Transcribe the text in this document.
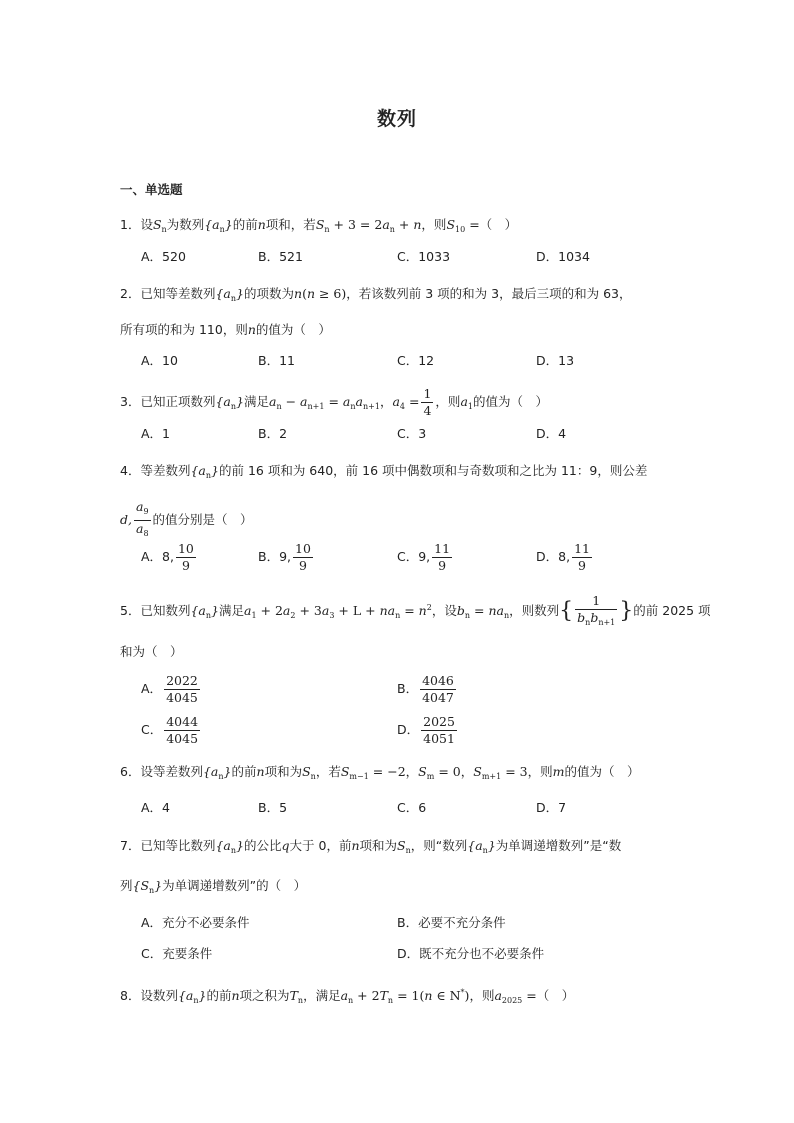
数列
一、单选题
1．设$S_n$为数列$\{a_n\}$的前n项和，若$S_n + 3 = 2a_n + n$，则$S_{10}$ =（　）
A．520	B．521	C．1033	D．1034
2．已知等差数列$\{a_n\}$的项数为n(n ≥ 6)，若该数列前 3 项的和为 3，最后三项的和为 63，
所有项的和为 110，则n的值为（　）
A．10	B．11	C．12	D．13
3．已知正项数列$\{a_n\}$满足$a_n - a_{n+1} = a_na_{n+1}$，$a_4 = \frac{1}{4}$ ，则$a_1$的值为（　）
A．1	B．2	C．3	D．4
4．等差数列$\{a_n\}$的前 16 项和为 640，前 16 项中偶数项和与奇数项和之比为 11：9，则公差
d, $\frac{a_9}{a_8}$ 的值分别是（　）
A．8, $\frac{10}{9}$	B．9, $\frac{10}{9}$	C．9, $\frac{11}{9}$	D．8, $\frac{11}{9}$
5．已知数列$\{a_n\}$满足$a_1 + 2a_2 + 3a_3 + L + na_n = n^2$，设$b_n = na_n$，则数列{ $\frac{1}{b_nb_{n+1}}$ }的前 2025 项
和为（　）
A． $\frac{2022}{4045}$	B． $\frac{4046}{4047}$
C． $\frac{4044}{4045}$	D． $\frac{2025}{4051}$
6．设等差数列$\{a_n\}$的前n项和为$S_n$，若$S_{m-1} = -2$，$S_m = 0$，$S_{m+1} = 3$，则m的值为（　）
A．4	B．5	C．6	D．7
7．已知等比数列$\{a_n\}$的公比q大于 0，前n项和为$S_n$，则“数列$\{a_n\}$为单调递增数列”是“数
列$\{S_n\}$为单调递增数列”的（　）
A．充分不必要条件	B．必要不充分条件
C．充要条件	D．既不充分也不必要条件
8．设数列$\{a_n\}$的前n项之积为$T_n$，满足$a_n + 2T_n = 1(n$ ∈ N*)，则$a_{2025}$ =（　）
